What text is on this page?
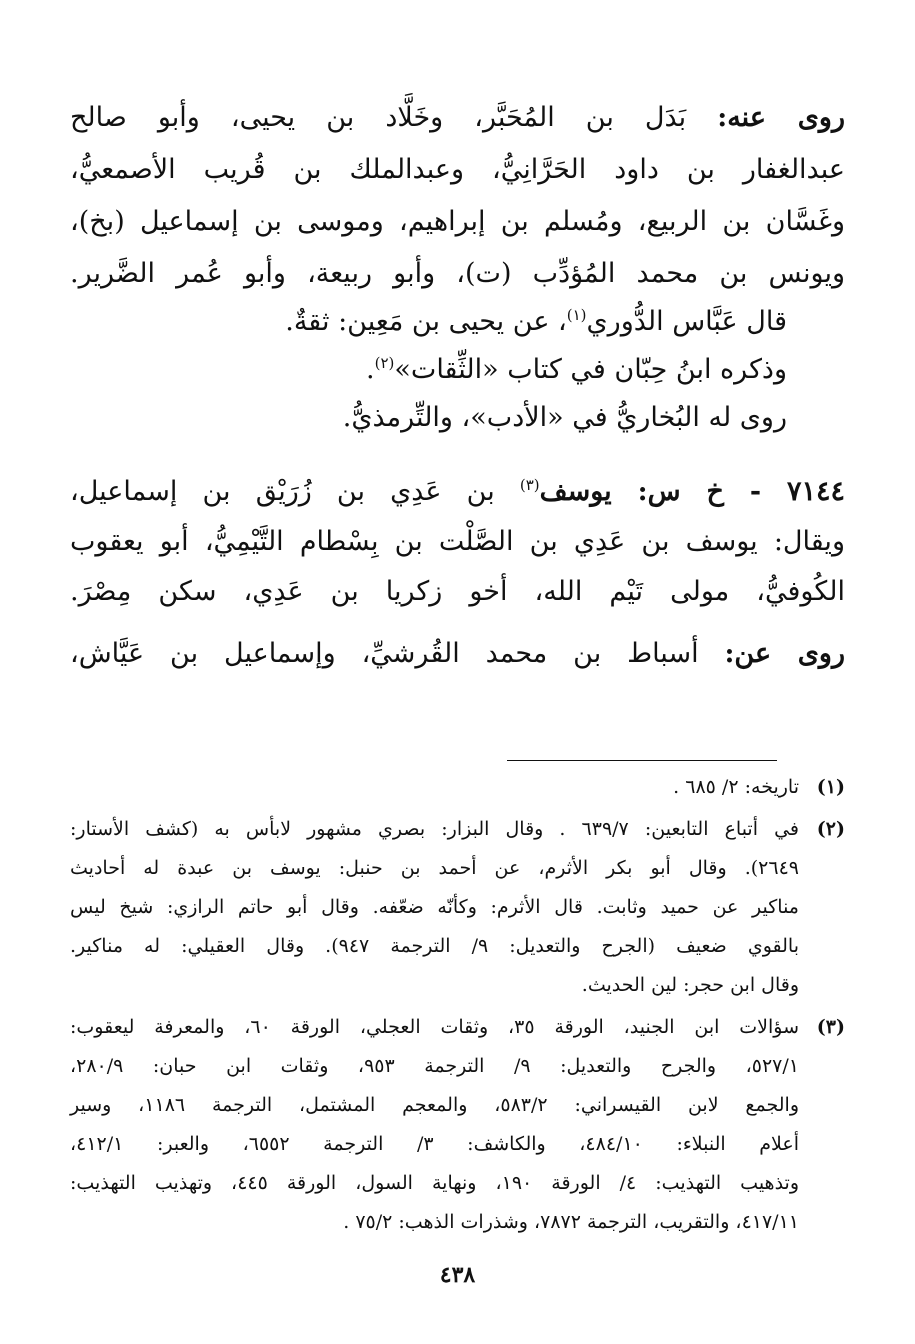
روى عنه: بَدَل بن المُحَبَّر، وخَلَّاد بن يحيى، وأبو صالح
عبدالغفار بن داود الحَرَّانِيُّ، وعبدالملك بن قُريب الأصمعيُّ،
وغَسَّان بن الربيع، ومُسلم بن إبراهيم، وموسى بن إسماعيل (بخ)،
ويونس بن محمد المُؤدِّب (ت)، وأبو ربيعة، وأبو عُمر الضَّرير.
قال عَبَّاس الدُّوري$^{(١)}$، عن يحيى بن مَعِين: ثقةٌ.
وذكره ابنُ حِبّان في كتاب «الثِّقات»$^{(٢)}$.
روى له البُخاريُّ في «الأدب»، والتِّرمذيُّ.
٧١٤٤ - خ س: يوسف$^{(٣)}$ بن عَدِي بن زُرَيْق بن إسماعيل،
ويقال: يوسف بن عَدِي بن الصَّلْت بن بِسْطام التَّيْمِيُّ، أبو يعقوب
الكُوفيُّ، مولى تَيْم الله، أخو زكريا بن عَدِي، سكن مِصْرَ.
روى عن: أسباط بن محمد القُرشيِّ، وإسماعيل بن عَيَّاش،
(١)تاريخه: ٢/ ٦٨٥ .
(٢)في أتباع التابعين: ٦٣٩/٧ . وقال البزار: بصري مشهور لابأس به (كشف الأستار:
٢٦٤٩). وقال أبو بكر الأثرم، عن أحمد بن حنبل: يوسف بن عبدة له أحاديث
مناكير عن حميد وثابت. قال الأثرم: وكأنّه ضعّفه. وقال أبو حاتم الرازي: شيخ ليس
بالقوي ضعيف (الجرح والتعديل: ٩/ الترجمة ٩٤٧). وقال العقيلي: له مناكير.
وقال ابن حجر: لين الحديث.
(٣)سؤالات ابن الجنيد، الورقة ٣٥، وثقات العجلي، الورقة ٦٠، والمعرفة ليعقوب:
٥٢٧/١، والجرح والتعديل: ٩/ الترجمة ٩٥٣، وثقات ابن حبان: ٢٨٠/٩،
والجمع لابن القيسراني: ٥٨٣/٢، والمعجم المشتمل، الترجمة ١١٨٦، وسير
أعلام النبلاء: ٤٨٤/١٠، والكاشف: ٣/ الترجمة ٦٥٥٢، والعبر: ٤١٢/١،
وتذهيب التهذيب: ٤/ الورقة ١٩٠، ونهاية السول، الورقة ٤٤٥، وتهذيب التهذيب:
٤١٧/١١، والتقريب، الترجمة ٧٨٧٢، وشذرات الذهب: ٧٥/٢ .
٤٣٨
